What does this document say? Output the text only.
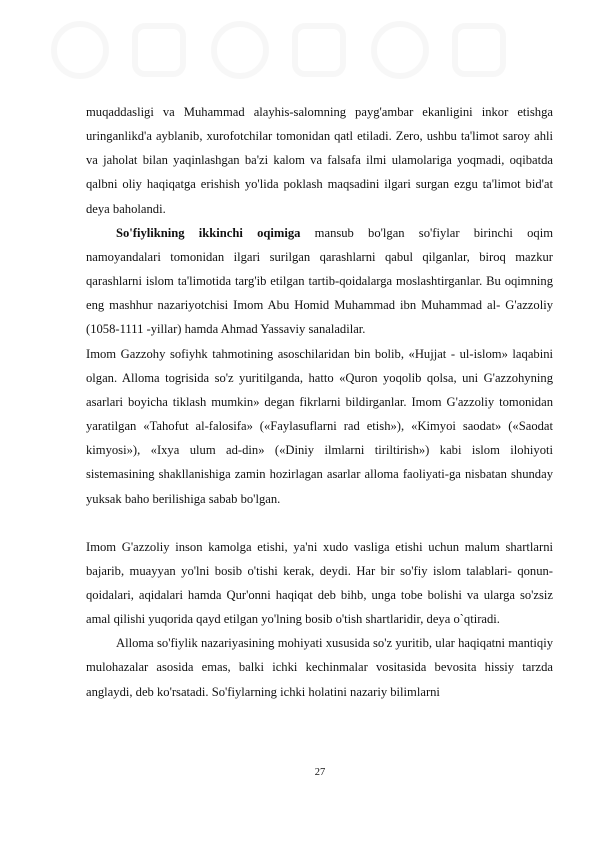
muqaddasligi va Muhammad alayhis-salomning payg'ambar ekanligini inkor etishga uringanlikd'a ayblanib, xurofotchilar tomonidan qatl etiladi. Zero, ushbu ta'limot saroy ahli va jaholat bilan yaqinlashgan ba'zi kalom va falsafa ilmi ulamolariga yoqmadi, oqibatda qalbni oliy haqiqatga erishish yo'lida poklash maqsadini ilgari surgan ezgu ta'limot bid'at deya baholandi.

So'fiylikning ikkinchi oqimiga mansub bo'lgan so'fiylar birinchi oqim namoyandalari tomonidan ilgari surilgan qarashlarni qabul qilganlar, biroq mazkur qarashlarni islom ta'limotida targ'ib etilgan tartib-qoidalarga moslashtirganlar. Bu oqimning eng mashhur nazariyotchisi Imom Abu Homid Muhammad ibn Muhammad al- G'azzoliy (1058-1111 -yillar) hamda Ahmad Yassaviy sanaladilar.

Imom Gazzohy sofiyhk tahmotining asoschilaridan bin bolib, «Hujjat - ul-islom» laqabini olgan. Alloma togrisida so'z yuritilganda, hatto «Quron yoqolib qolsa, uni G'azzohyning asarlari boyicha tiklash mumkin» degan fikrlarni bildirganlar. Imom G'azzoliy tomonidan yaratilgan «Tahofut al-falosifa» («Faylasuflarni rad etish»), «Kimyoi saodat» («Saodat kimyosi»), «Ixya ulum ad-din» («Diniy ilmlarni tiriltirish») kabi islom ilohiyoti sistemasining shakllanishiga zamin hozirlagan asarlar alloma faoliyati-ga nisbatan shunday yuksak baho berilishiga sabab bo'lgan.

Imom G'azzoliy inson kamolga etishi, ya'ni xudo vasliga etishi uchun malum shartlarni bajarib, muayyan yo'lni bosib o'tishi kerak, deydi. Har bir so'fiy islom talablari- qonun-qoidalari, aqidalari hamda Qur'onni haqiqat deb bihb, unga tobe bolishi va ularga so'zsiz amal qilishi yuqorida qayd etilgan yo'lning bosib o'tish shartlaridir, deya o`qtiradi.

Alloma so'fiylik nazariyasining mohiyati xususida so'z yuritib, ular haqiqatni mantiqiy mulohazalar asosida emas, balki ichki kechinmalar vositasida bevosita hissiy tarzda anglaydi, deb ko'rsatadi. So'fiylarning ichki holatini nazariy bilimlarni

27
